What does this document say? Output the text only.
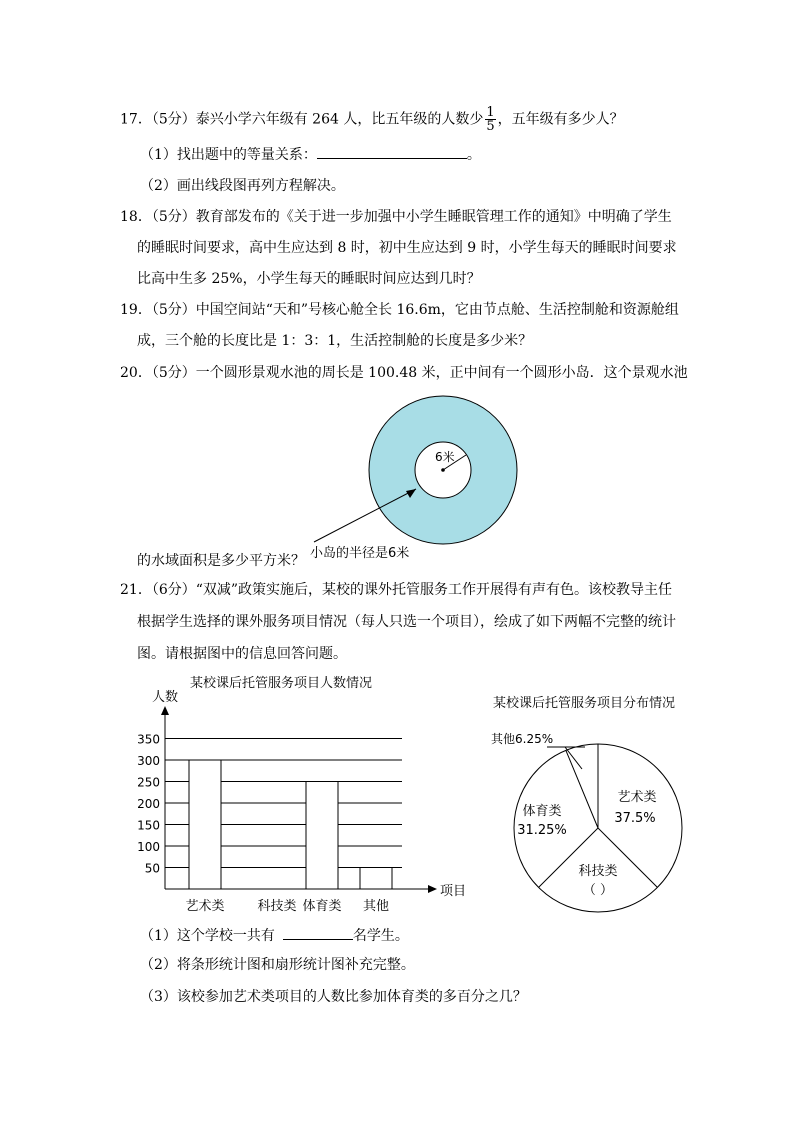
17．（5分）泰兴小学六年级有 264 人，比五年级的人数少 $\frac{1}{5}$ ，五年级有多少人？
（1）找出题中的等量关系：	。
（2）画出线段图再列方程解决。
18．（5分）教育部发布的《关于进一步加强中小学生睡眠管理工作的通知》中明确了学生
的睡眠时间要求，高中生应达到 8 时，初中生应达到 9 时，小学生每天的睡眠时间要求
比高中生多 25%，小学生每天的睡眠时间应达到几时？
19．（5分）中国空间站“天和”号核心舱全长 16.6m，它由节点舱、生活控制舱和资源舱组
成，三个舱的长度比是 1：3：1，生活控制舱的长度是多少米？
20．（5分）一个圆形景观水池的周长是 100.48 米，正中间有一个圆形小岛．这个景观水池
的水域面积是多少平方米？
6米
小岛的半径是6米
21．（6分）“双减”政策实施后，某校的课外托管服务工作开展得有声有色。该校教导主任
根据学生选择的课外服务项目情况（每人只选一个项目），绘成了如下两幅不完整的统计
图。请根据图中的信息回答问题。
某校课后托管服务项目人数情况
人数
项目
50
100
150
200
250
300
350
艺术类	科技类 体育类 其他
某校课后托管服务项目分布情况
艺术类
37.5%
科技类
（ ）
体育类
31.25%
其他6.25%
（1）这个学校一共有	名学生。
（2）将条形统计图和扇形统计图补充完整。
（3）该校参加艺术类项目的人数比参加体育类的多百分之几？
